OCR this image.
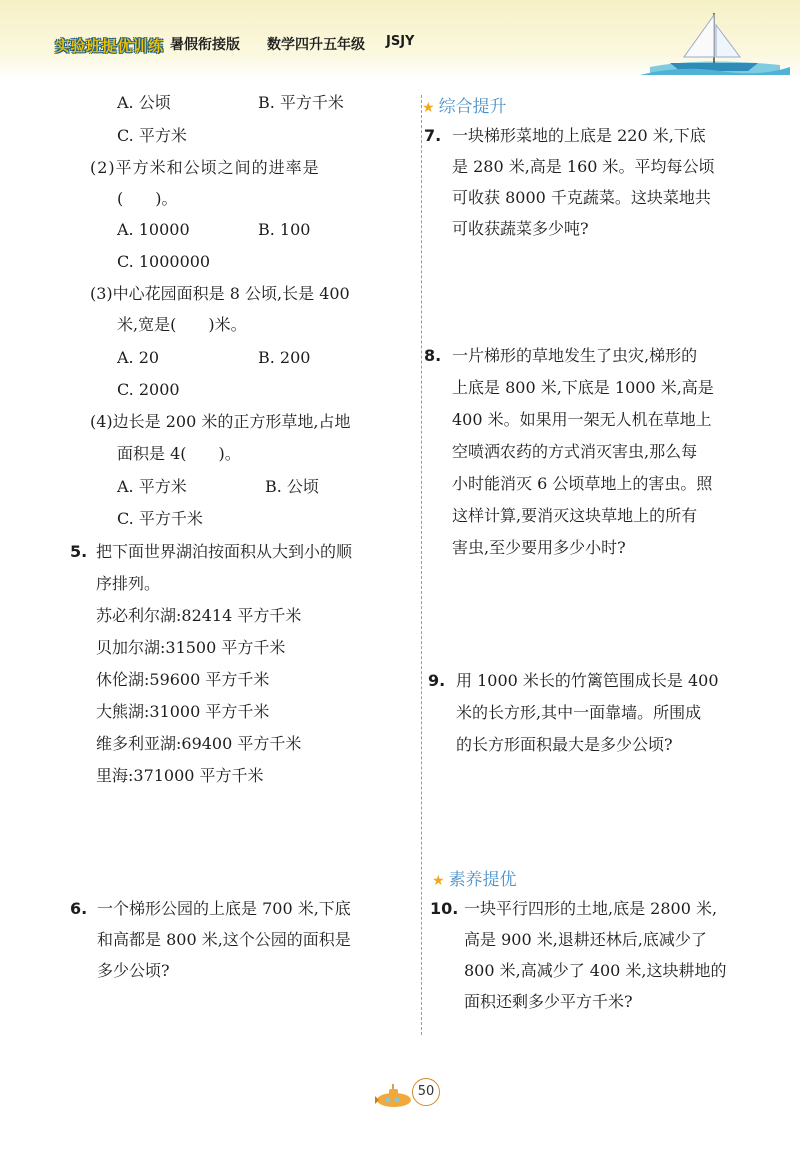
实验班提优训练 暑假衔接版 数学四升五年级 JSJY
A. 公顷	B. 平方千米
C. 平方米
(2)平方米和公顷之间的进率是
(　　)。
A. 10000	B. 100
C. 1000000
(3)中心花园面积是 8 公顷,长是 400
米,宽是(　　)米。
A. 20	B. 200
C. 2000
(4)边长是 200 米的正方形草地,占地
面积是 4(　　)。
A. 平方米	B. 公顷
C. 平方千米
5. 把下面世界湖泊按面积从大到小的顺
序排列。
苏必利尔湖:82414 平方千米
贝加尔湖:31500 平方千米
休伦湖:59600 平方千米
大熊湖:31000 平方千米
维多利亚湖:69400 平方千米
里海:371000 平方千米
6. 一个梯形公园的上底是 700 米,下底
和高都是 800 米,这个公园的面积是
多少公顷?
★ 综合提升
7. 一块梯形菜地的上底是 220 米,下底
是 280 米,高是 160 米。平均每公顷
可收获 8000 千克蔬菜。这块菜地共
可收获蔬菜多少吨?
8. 一片梯形的草地发生了虫灾,梯形的
上底是 800 米,下底是 1000 米,高是
400 米。如果用一架无人机在草地上
空喷洒农药的方式消灭害虫,那么每
小时能消灭 6 公顷草地上的害虫。照
这样计算,要消灭这块草地上的所有
害虫,至少要用多少小时?
9. 用 1000 米长的竹篱笆围成长是 400
米的长方形,其中一面靠墙。所围成
的长方形面积最大是多少公顷?
★ 素养提优
10. 一块平行四形的土地,底是 2800 米,
高是 900 米,退耕还林后,底减少了
800 米,高减少了 400 米,这块耕地的
面积还剩多少平方千米?
50
